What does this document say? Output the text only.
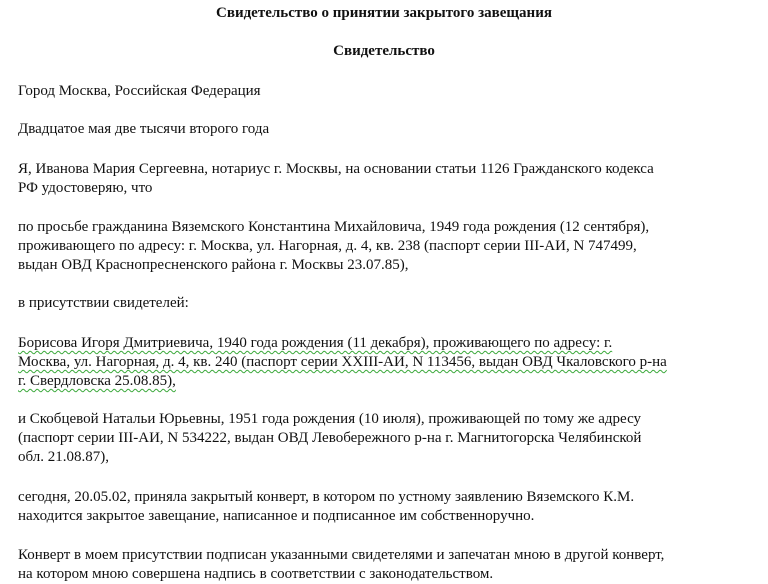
Свидетельство о принятии закрытого завещания
Свидетельство
Город Москва, Российская Федерация
Двадцатое мая две тысячи второго года
Я, Иванова Мария Сергеевна, нотариус г. Москвы, на основании статьи 1126 Гражданского кодекса
РФ удостоверяю, что
по просьбе гражданина Вяземского Константина Михайловича, 1949 года рождения (12 сентября),
проживающего по адресу: г. Москва, ул. Нагорная, д. 4, кв. 238 (паспорт серии III-АИ, N 747499,
выдан ОВД Краснопресненского района г. Москвы 23.07.85),
в присутствии свидетелей:
Борисова Игоря Дмитриевича, 1940 года рождения (11 декабря), проживающего по адресу: г.
Москва, ул. Нагорная, д. 4, кв. 240 (паспорт серии XXIII-АИ, N 113456, выдан ОВД Чкаловского р-на
г. Свердловска 25.08.85),
и Скобцевой Натальи Юрьевны, 1951 года рождения (10 июля), проживающей по тому же адресу
(паспорт серии III-АИ, N 534222, выдан ОВД Левобережного р-на г. Магнитогорска Челябинской
обл. 21.08.87),
сегодня, 20.05.02, приняла закрытый конверт, в котором по устному заявлению Вяземского К.М.
находится закрытое завещание, написанное и подписанное им собственноручно.
Конверт в моем присутствии подписан указанными свидетелями и запечатан мною в другой конверт,
на котором мною совершена надпись в соответствии с законодательством.
